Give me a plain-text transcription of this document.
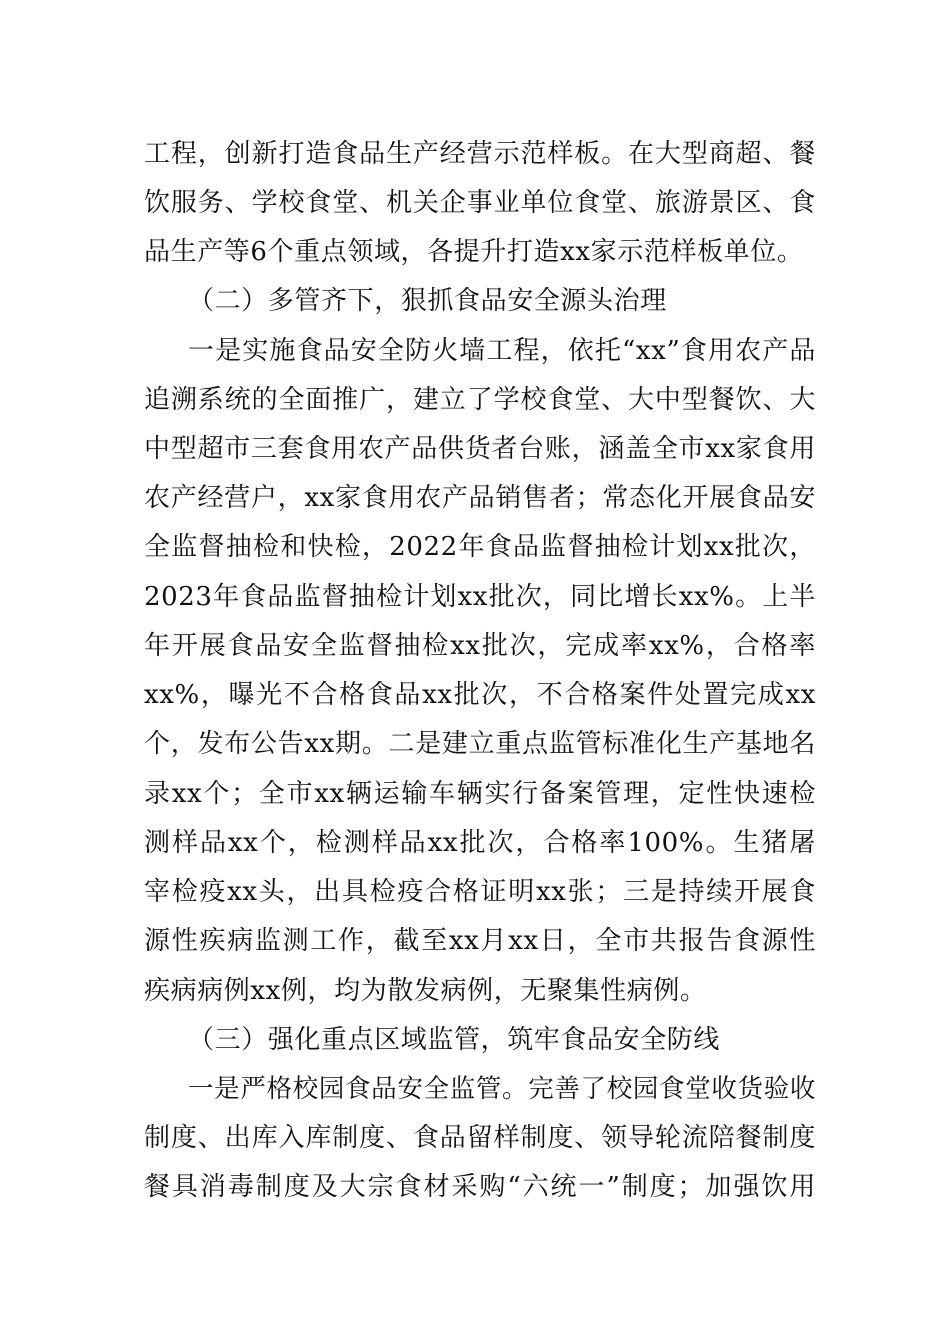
工程，创新打造食品生产经营示范样板。在大型商超、餐
饮服务、学校食堂、机关企事业单位食堂、旅游景区、食
品生产等6个重点领域，各提升打造xx家示范样板单位。
（二）多管齐下，狠抓食品安全源头治理
一是实施食品安全防火墙工程，依托“xx”食用农产品
追溯系统的全面推广，建立了学校食堂、大中型餐饮、大
中型超市三套食用农产品供货者台账，涵盖全市xx家食用
农产经营户，xx家食用农产品销售者；常态化开展食品安
全监督抽检和快检，2022年食品监督抽检计划xx批次，
2023年食品监督抽检计划xx批次，同比增长xx%。上半
年开展食品安全监督抽检xx批次，完成率xx%，合格率
xx%，曝光不合格食品xx批次，不合格案件处置完成xx
个，发布公告xx期。二是建立重点监管标准化生产基地名
录xx个；全市xx辆运输车辆实行备案管理，定性快速检
测样品xx个，检测样品xx批次，合格率100%。生猪屠
宰检疫xx头，出具检疫合格证明xx张；三是持续开展食
源性疾病监测工作，截至xx月xx日，全市共报告食源性
疾病病例xx例，均为散发病例，无聚集性病例。
（三）强化重点区域监管，筑牢食品安全防线
一是严格校园食品安全监管。完善了校园食堂收货验收
制度、出库入库制度、食品留样制度、领导轮流陪餐制度
餐具消毒制度及大宗食材采购“六统一”制度；加强饮用
